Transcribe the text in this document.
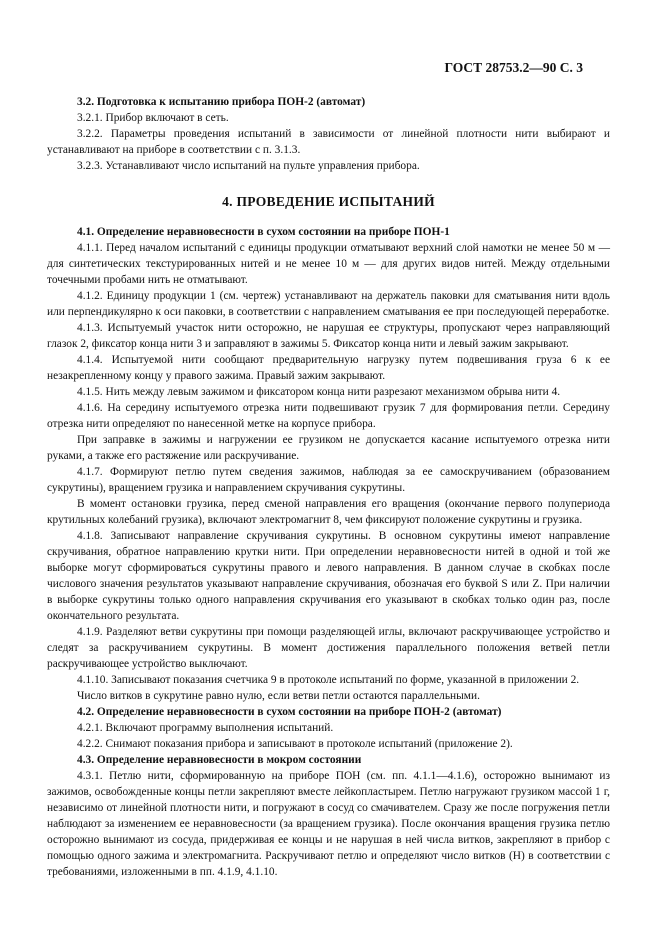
ГОСТ 28753.2—90 С. 3

3.2. Подготовка к испытанию прибора ПОН-2 (автомат)

3.2.1. Прибор включают в сеть.

3.2.2. Параметры проведения испытаний в зависимости от линейной плотности нити выбирают и устанавливают на приборе в соответствии с п. 3.1.3.

3.2.3. Устанавливают число испытаний на пульте управления прибора.

4. ПРОВЕДЕНИЕ ИСПЫТАНИЙ

4.1. Определение неравновесности в сухом состоянии на приборе ПОН-1

4.1.1. Перед началом испытаний с единицы продукции отматывают верхний слой намотки не менее 50 м — для синтетических текстурированных нитей и не менее 10 м — для других видов нитей. Между отдельными точечными пробами нить не отматывают.

4.1.2. Единицу продукции 1 (см. чертеж) устанавливают на держатель паковки для сматывания нити вдоль или перпендикулярно к оси паковки, в соответствии с направлением сматывания ее при последующей переработке.

4.1.3. Испытуемый участок нити осторожно, не нарушая ее структуры, пропускают через направляющий глазок 2, фиксатор конца нити 3 и заправляют в зажимы 5. Фиксатор конца нити и левый зажим закрывают.

4.1.4. Испытуемой нити сообщают предварительную нагрузку путем подвешивания груза 6 к ее незакрепленному концу у правого зажима. Правый зажим закрывают.

4.1.5. Нить между левым зажимом и фиксатором конца нити разрезают механизмом обрыва нити 4.

4.1.6. На середину испытуемого отрезка нити подвешивают грузик 7 для формирования петли. Середину отрезка нити определяют по нанесенной метке на корпусе прибора.

При заправке в зажимы и нагружении ее грузиком не допускается касание испытуемого отрезка нити руками, а также его растяжение или раскручивание.

4.1.7. Формируют петлю путем сведения зажимов, наблюдая за ее самоскручиванием (образованием сукрутины), вращением грузика и направлением скручивания сукрутины.

В момент остановки грузика, перед сменой направления его вращения (окончание первого полупериода крутильных колебаний грузика), включают электромагнит 8, чем фиксируют положение сукрутины и грузика.

4.1.8. Записывают направление скручивания сукрутины. В основном сукрутины имеют направление скручивания, обратное направлению крутки нити. При определении неравновесности нитей в одной и той же выборке могут сформироваться сукрутины правого и левого направления. В данном случае в скобках после числового значения результатов указывают направление скручивания, обозначая его буквой S или Z. При наличии в выборке сукрутины только одного направления скручивания его указывают в скобках только один раз, после окончательного результата.

4.1.9. Разделяют ветви сукрутины при помощи разделяющей иглы, включают раскручивающее устройство и следят за раскручиванием сукрутины. В момент достижения параллельного положения ветвей петли раскручивающее устройство выключают.

4.1.10. Записывают показания счетчика 9 в протоколе испытаний по форме, указанной в приложении 2.

Число витков в сукрутине равно нулю, если ветви петли остаются параллельными.

4.2. Определение неравновесности в сухом состоянии на приборе ПОН-2 (автомат)

4.2.1. Включают программу выполнения испытаний.

4.2.2. Снимают показания прибора и записывают в протоколе испытаний (приложение 2).

4.3. Определение неравновесности в мокром состоянии

4.3.1. Петлю нити, сформированную на приборе ПОН (см. пп. 4.1.1—4.1.6), осторожно вынимают из зажимов, освобожденные концы петли закрепляют вместе лейкопластырем. Петлю нагружают грузиком массой 1 г, независимо от линейной плотности нити, и погружают в сосуд со смачивателем. Сразу же после погружения петли наблюдают за изменением ее неравновесности (за вращением грузика). После окончания вращения грузика петлю осторожно вынимают из сосуда, придерживая ее концы и не нарушая в ней числа витков, закрепляют в прибор с помощью одного зажима и электромагнита. Раскручивают петлю и определяют число витков (Н) в соответствии с требованиями, изложенными в пп. 4.1.9, 4.1.10.
